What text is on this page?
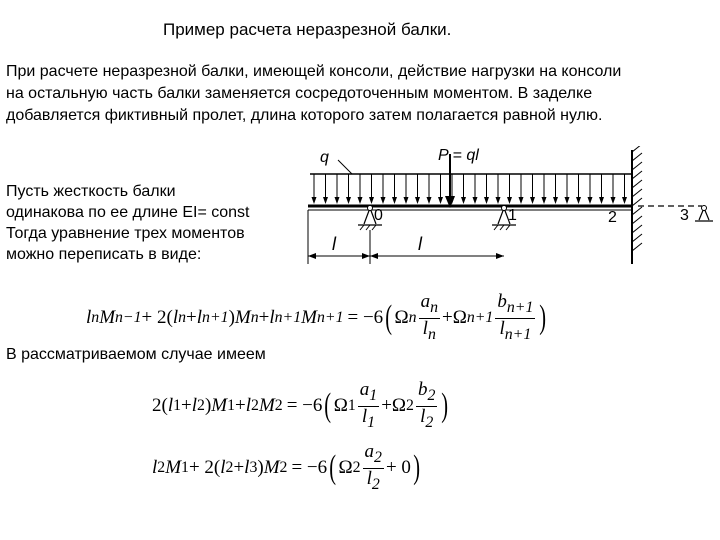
Пример расчета неразрезной балки.
При расчете неразрезной балки, имеющей консоли, действие нагрузки на консоли
на остальную часть балки заменяется сосредоточенным моментом. В заделке
добавляется фиктивный пролет, длина которого затем полагается равной нулю.
Пусть жесткость балки
одинакова по ее длине EI= const
Тогда уравнение трех моментов
можно переписать в виде:
В рассматриваемом случае имеем
q	P = ql
0	1	2	3
l	l
l n M n−1 + 2( l n + l n+1 ) M n + l n+1 M n+1 = −6 ( Ω n $\frac{a_n}{l_n} + \Omega$ $n+1 \frac{b_{n+1}}{l_{n+1}}$ )
2( l 1 + l 2 ) M 1 + l 2 M 2 = −6 ( Ω $1 \frac{a_1}{l_1} + \Omega$ $2 \frac{b_2}{l_2}$ )
l 2 M 1 + 2( l 2 + l 3 ) M 2 = −6 ( Ω $2 \frac{a_2}{l_2} + 0$ )
